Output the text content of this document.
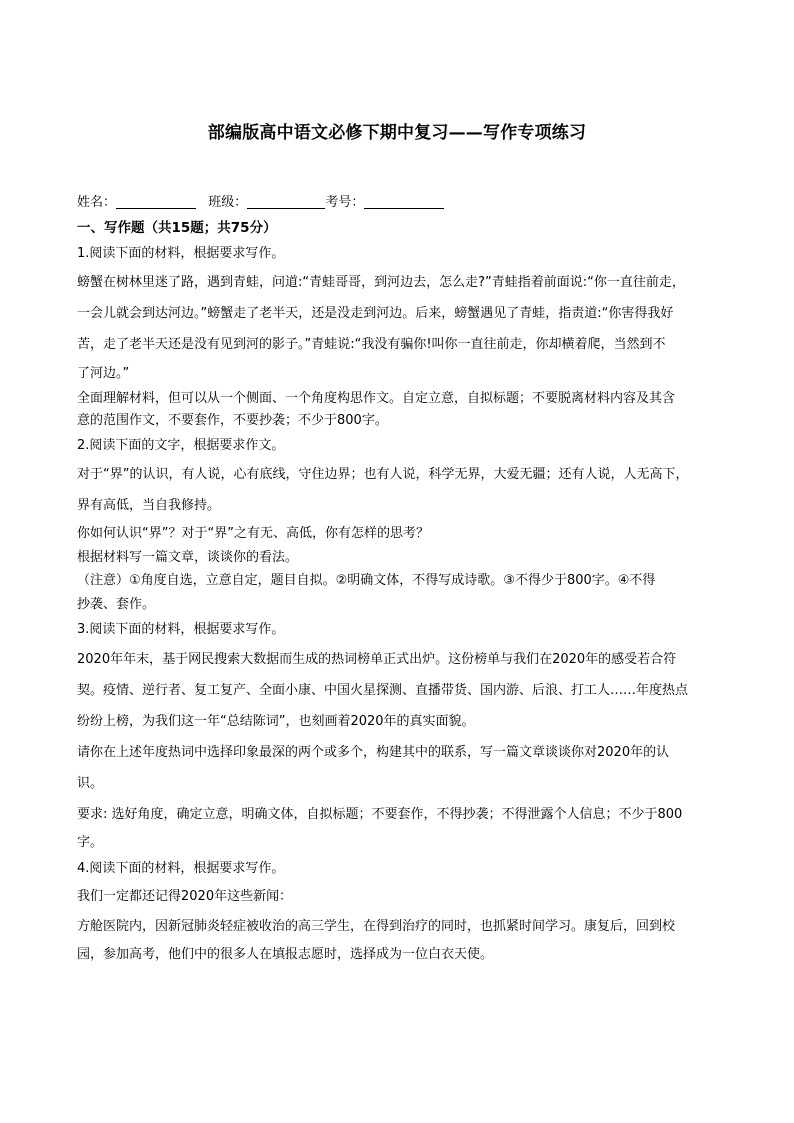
部编版高中语文必修下期中复习——写作专项练习
姓名：	班级：	考号：
一、写作题（共15题；共75分）
1.阅读下面的材料，根据要求写作。
螃蟹在树林里迷了路，遇到青蛙，问道:“青蛙哥哥，到河边去，怎么走?”青蛙指着前面说:“你一直往前走，
一会儿就会到达河边。”螃蟹走了老半天，还是没走到河边。后来，螃蟹遇见了青蛙，指责道:“你害得我好
苦，走了老半天还是没有见到河的影子。”青蛙说:“我没有骗你!叫你一直往前走，你却横着爬，当然到不
了河边。”
全面理解材料，但可以从一个侧面、一个角度构思作文。自定立意，自拟标题；不要脱离材料内容及其含
意的范围作文，不要套作，不要抄袭；不少于800字。
2.阅读下面的文字，根据要求作文。
对于“界”的认识，有人说，心有底线，守住边界；也有人说，科学无界，大爱无疆；还有人说，人无高下，
界有高低，当自我修持。
你如何认识“界”？对于“界”之有无、高低，你有怎样的思考？
根据材料写一篇文章，谈谈你的看法。
（注意）①角度自选，立意自定，题目自拟。②明确文体，不得写成诗歌。③不得少于800字。④不得
抄袭、套作。
3.阅读下面的材料，根据要求写作。
2020年年末，基于网民搜索大数据而生成的热词榜单正式出炉。这份榜单与我们在2020年的感受若合符
契。疫情、逆行者、复工复产、全面小康、中国火星探测、直播带货、国内游、后浪、打工人……年度热点
纷纷上榜，为我们这一年“总结陈词”，也刻画着2020年的真实面貌。
请你在上述年度热词中选择印象最深的两个或多个，构建其中的联系，写一篇文章谈谈你对2020年的认
识。
要求: 选好角度，确定立意，明确文体，自拟标题；不要套作，不得抄袭；不得泄露个人信息；不少于800
字。
4.阅读下面的材料，根据要求写作。
我们一定都还记得2020年这些新闻：
方舱医院内，因新冠肺炎轻症被收治的高三学生，在得到治疗的同时，也抓紧时间学习。康复后，回到校
园，参加高考，他们中的很多人在填报志愿时，选择成为一位白衣天使。
